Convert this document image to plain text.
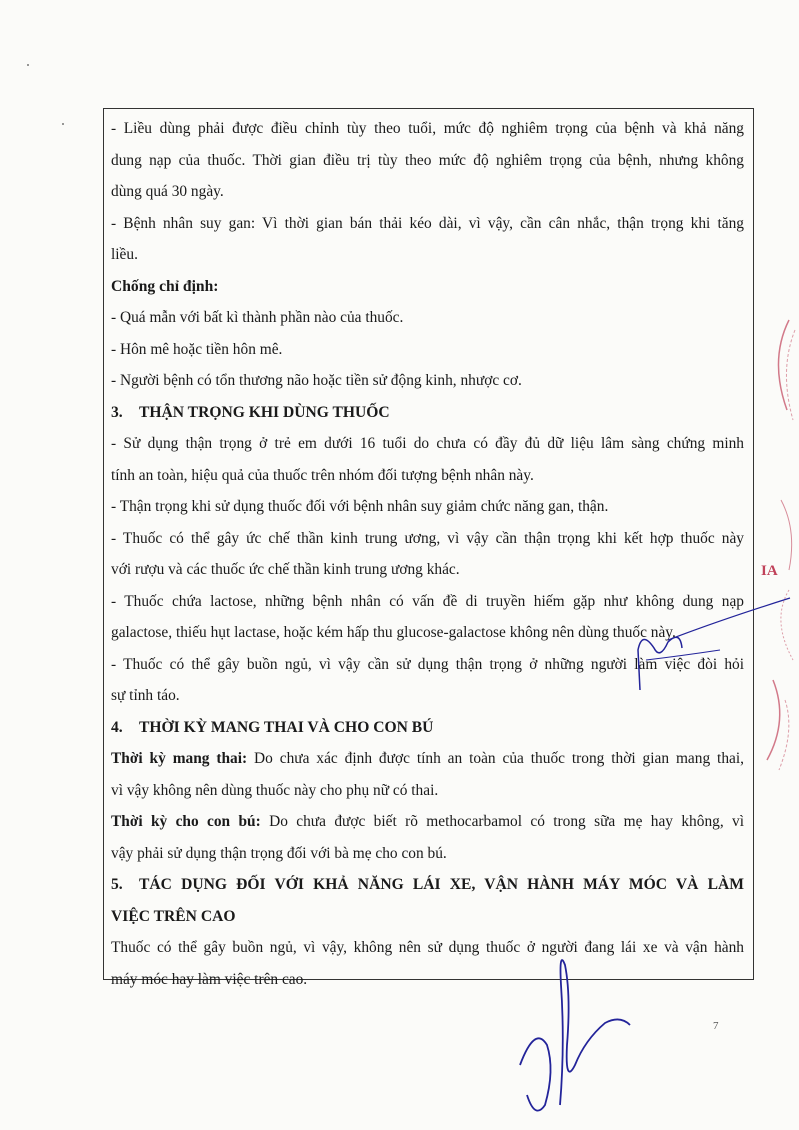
- Liều dùng phải được điều chỉnh tùy theo tuổi, mức độ nghiêm trọng của bệnh và khả năng

dung nạp của thuốc. Thời gian điều trị tùy theo mức độ nghiêm trọng của bệnh, nhưng không

dùng quá 30 ngày.

- Bệnh nhân suy gan: Vì thời gian bán thải kéo dài, vì vậy, cần cân nhắc, thận trọng khi tăng

liều.

Chống chỉ định:

- Quá mẫn với bất kì thành phần nào của thuốc.

- Hôn mê hoặc tiền hôn mê.

- Người bệnh có tổn thương não hoặc tiền sử động kinh, nhược cơ.

3. THẬN TRỌNG KHI DÙNG THUỐC

- Sử dụng thận trọng ở trẻ em dưới 16 tuổi do chưa có đầy đủ dữ liệu lâm sàng chứng minh

tính an toàn, hiệu quả của thuốc trên nhóm đối tượng bệnh nhân này.

- Thận trọng khi sử dụng thuốc đối với bệnh nhân suy giảm chức năng gan, thận.

- Thuốc có thể gây ức chế thần kinh trung ương, vì vậy cần thận trọng khi kết hợp thuốc này

với rượu và các thuốc ức chế thần kinh trung ương khác.

- Thuốc chứa lactose, những bệnh nhân có vấn đề di truyền hiếm gặp như không dung nạp

galactose, thiếu hụt lactase, hoặc kém hấp thu glucose-galactose không nên dùng thuốc này.

- Thuốc có thể gây buồn ngủ, vì vậy cần sử dụng thận trọng ở những người làm việc đòi hỏi

sự tỉnh táo.

4. THỜI KỲ MANG THAI VÀ CHO CON BÚ

Thời kỳ mang thai: Do chưa xác định được tính an toàn của thuốc trong thời gian mang thai,

vì vậy không nên dùng thuốc này cho phụ nữ có thai.

Thời kỳ cho con bú: Do chưa được biết rõ methocarbamol có trong sữa mẹ hay không, vì

vậy phải sử dụng thận trọng đối với bà mẹ cho con bú.

5. TÁC DỤNG ĐỐI VỚI KHẢ NĂNG LÁI XE, VẬN HÀNH MÁY MÓC VÀ LÀM

VIỆC TRÊN CAO

Thuốc có thể gây buồn ngủ, vì vậy, không nên sử dụng thuốc ở người đang lái xe và vận hành

máy móc hay làm việc trên cao.

7
IA
